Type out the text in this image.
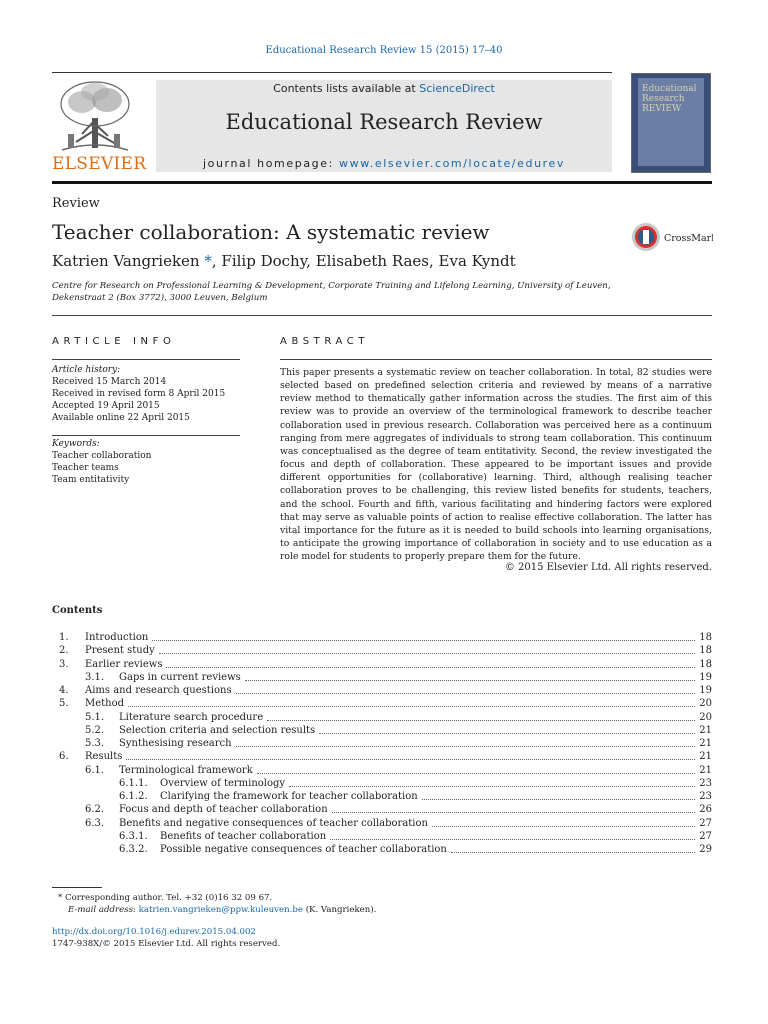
Educational Research Review 15 (2015) 17–40
ELSEVIER
Contents lists available at ScienceDirect
Educational Research Review
journal homepage: www.elsevier.com/locate/edurev
Educational Research REVIEW
Review
Teacher collaboration: A systematic review
Katrien Vangrieken *, Filip Dochy, Elisabeth Raes, Eva Kyndt
Centre for Research on Professional Learning & Development, Corporate Training and Lifelong Learning, University of Leuven, Dekenstraat 2 (Box 3772), 3000 Leuven, Belgium
CrossMark
ARTICLE INFO
Article history:
Received 15 March 2014
Received in revised form 8 April 2015
Accepted 19 April 2015
Available online 22 April 2015
Keywords:
Teacher collaboration
Teacher teams
Team entitativity
ABSTRACT
This paper presents a systematic review on teacher collaboration. In total, 82 studies were selected based on predefined selection criteria and reviewed by means of a narrative review method to thematically gather information across the studies. The first aim of this review was to provide an overview of the terminological framework to describe teacher collaboration used in previous research. Collaboration was perceived here as a continuum ranging from mere aggregates of individuals to strong team collaboration. This continuum was conceptualised as the degree of team entitativity. Second, the review investigated the focus and depth of collaboration. These appeared to be important issues and provide different opportunities for (collaborative) learning. Third, although realising teacher collaboration proves to be challenging, this review listed benefits for students, teachers, and the school. Fourth and fifth, various facilitating and hindering factors were explored that may serve as valuable points of action to realise effective collaboration. The latter has vital importance for the future as it is needed to build schools into learning organisations, to anticipate the growing importance of collaboration in society and to use education as a role model for students to properly prepare them for the future.
© 2015 Elsevier Ltd. All rights reserved.
Contents
1. Introduction	18
2. Present study	18
3. Earlier reviews	18
3.1. Gaps in current reviews	19
4. Aims and research questions	19
5. Method	20
5.1. Literature search procedure	20
5.2. Selection criteria and selection results	21
5.3. Synthesising research	21
6. Results	21
6.1. Terminological framework	21
6.1.1. Overview of terminology	23
6.1.2. Clarifying the framework for teacher collaboration	23
6.2. Focus and depth of teacher collaboration	26
6.3. Benefits and negative consequences of teacher collaboration	27
6.3.1. Benefits of teacher collaboration	27
6.3.2. Possible negative consequences of teacher collaboration	29
* Corresponding author. Tel. +32 (0)16 32 09 67.
E-mail address: katrien.vangrieken@ppw.kuleuven.be (K. Vangrieken).
http://dx.doi.org/10.1016/j.edurev.2015.04.002
1747-938X/© 2015 Elsevier Ltd. All rights reserved.
